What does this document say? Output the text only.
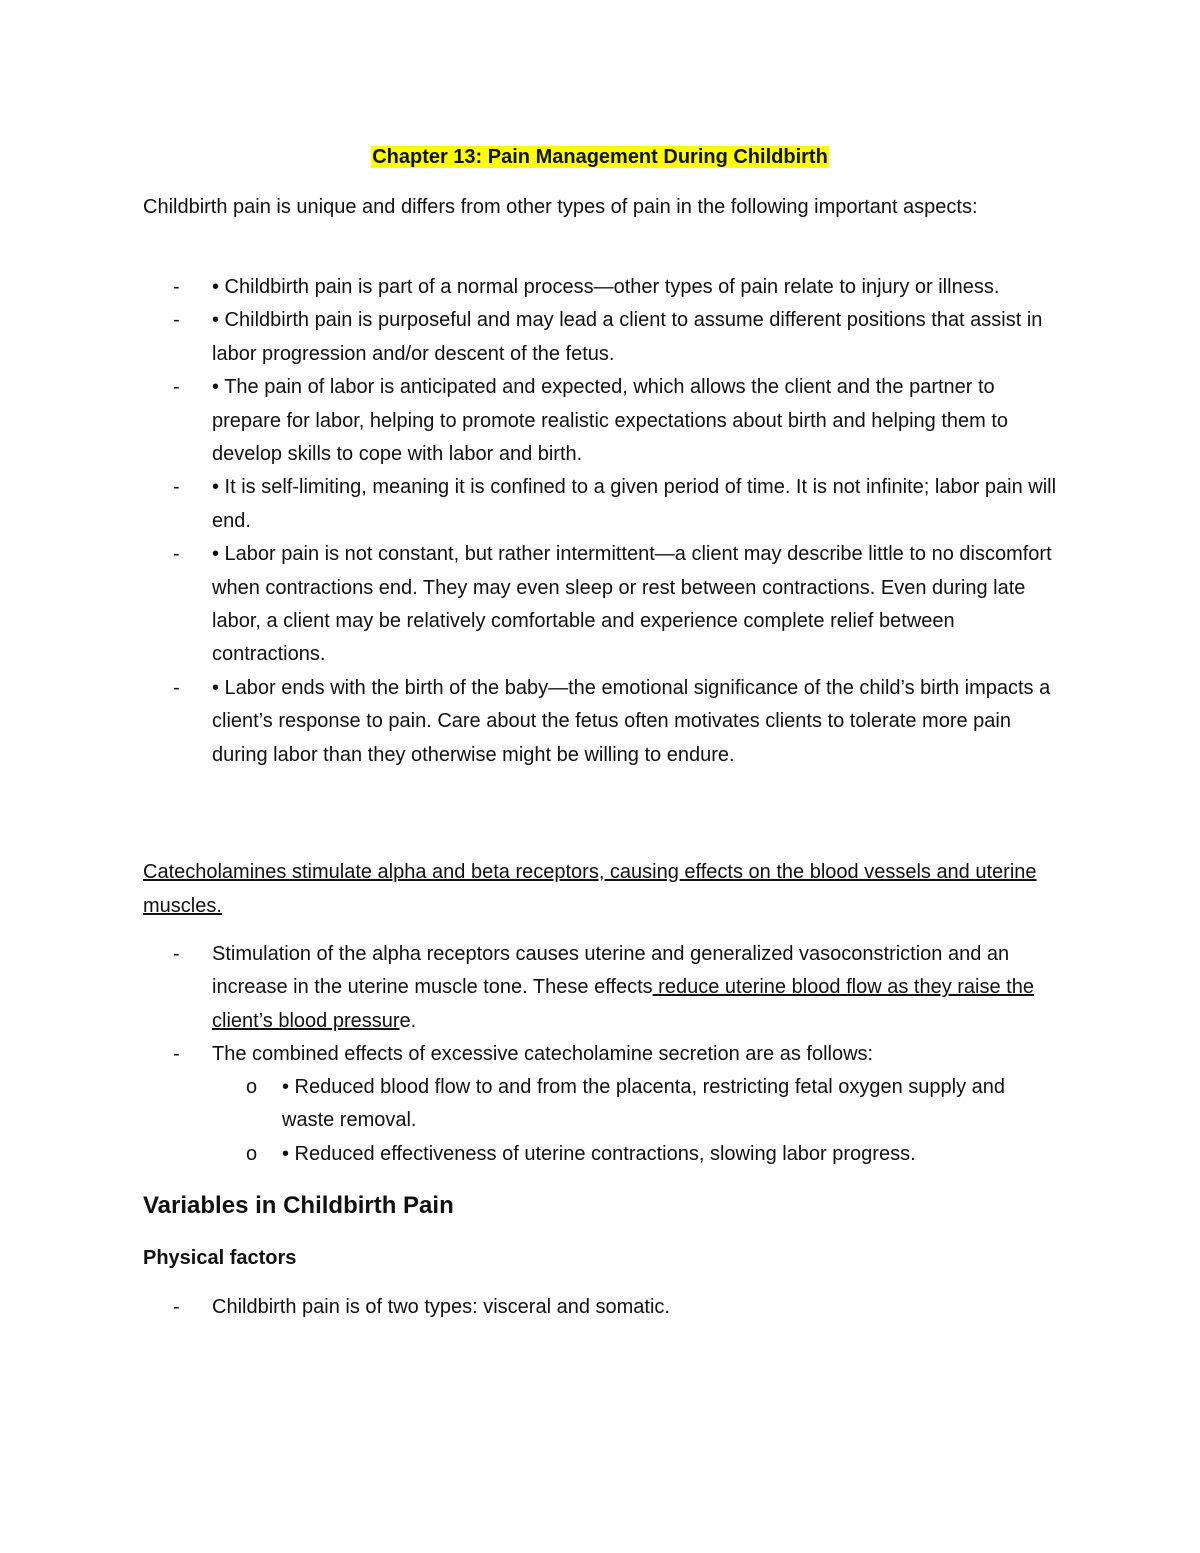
Chapter 13: Pain Management During Childbirth
Childbirth pain is unique and differs from other types of pain in the following important aspects:
- • Childbirth pain is part of a normal process—other types of pain relate to injury or illness.
- • Childbirth pain is purposeful and may lead a client to assume different positions that assist in labor progression and/or descent of the fetus.
- • The pain of labor is anticipated and expected, which allows the client and the partner to prepare for labor, helping to promote realistic expectations about birth and helping them to develop skills to cope with labor and birth.
- • It is self-limiting, meaning it is confined to a given period of time. It is not infinite; labor pain will end.
- • Labor pain is not constant, but rather intermittent—a client may describe little to no discomfort when contractions end. They may even sleep or rest between contractions. Even during late labor, a client may be relatively comfortable and experience complete relief between contractions.
- • Labor ends with the birth of the baby—the emotional significance of the child’s birth impacts a client’s response to pain. Care about the fetus often motivates clients to tolerate more pain during labor than they otherwise might be willing to endure.
Catecholamines stimulate alpha and beta receptors, causing effects on the blood vessels and uterine muscles.
- Stimulation of the alpha receptors causes uterine and generalized vasoconstriction and an increase in the uterine muscle tone. These effects reduce uterine blood flow as they raise the client’s blood pressure.
- The combined effects of excessive catecholamine secretion are as follows:
o • Reduced blood flow to and from the placenta, restricting fetal oxygen supply and waste removal.
o • Reduced effectiveness of uterine contractions, slowing labor progress.
Variables in Childbirth Pain
Physical factors
- Childbirth pain is of two types: visceral and somatic.
